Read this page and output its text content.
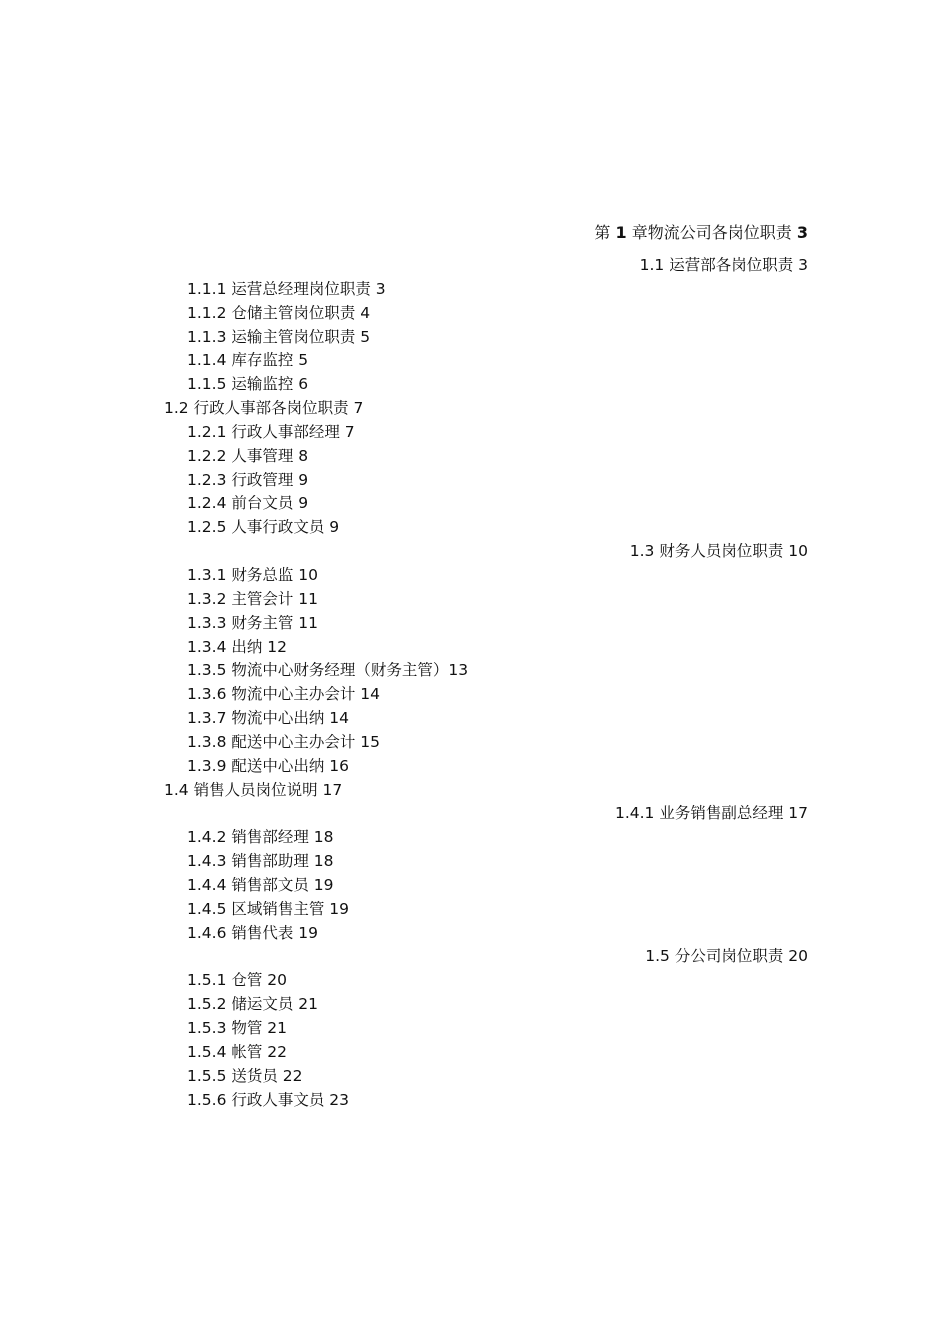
第 1 章物流公司各岗位职责 3
1.1 运营部各岗位职责 3
1.1.1 运营总经理岗位职责 3
1.1.2 仓储主管岗位职责 4
1.1.3 运输主管岗位职责 5
1.1.4 库存监控 5
1.1.5 运输监控 6
1.2 行政人事部各岗位职责 7
1.2.1 行政人事部经理 7
1.2.2 人事管理 8
1.2.3 行政管理 9
1.2.4 前台文员 9
1.2.5 人事行政文员 9
1.3 财务人员岗位职责 10
1.3.1 财务总监 10
1.3.2 主管会计 11
1.3.3 财务主管 11
1.3.4 出纳 12
1.3.5 物流中心财务经理（财务主管）13
1.3.6 物流中心主办会计 14
1.3.7 物流中心出纳 14
1.3.8 配送中心主办会计 15
1.3.9 配送中心出纳 16
1.4 销售人员岗位说明 17
1.4.1 业务销售副总经理 17
1.4.2 销售部经理 18
1.4.3 销售部助理 18
1.4.4 销售部文员 19
1.4.5 区域销售主管 19
1.4.6 销售代表 19
1.5 分公司岗位职责 20
1.5.1 仓管 20
1.5.2 储运文员 21
1.5.3 物管 21
1.5.4 帐管 22
1.5.5 送货员 22
1.5.6 行政人事文员 23
